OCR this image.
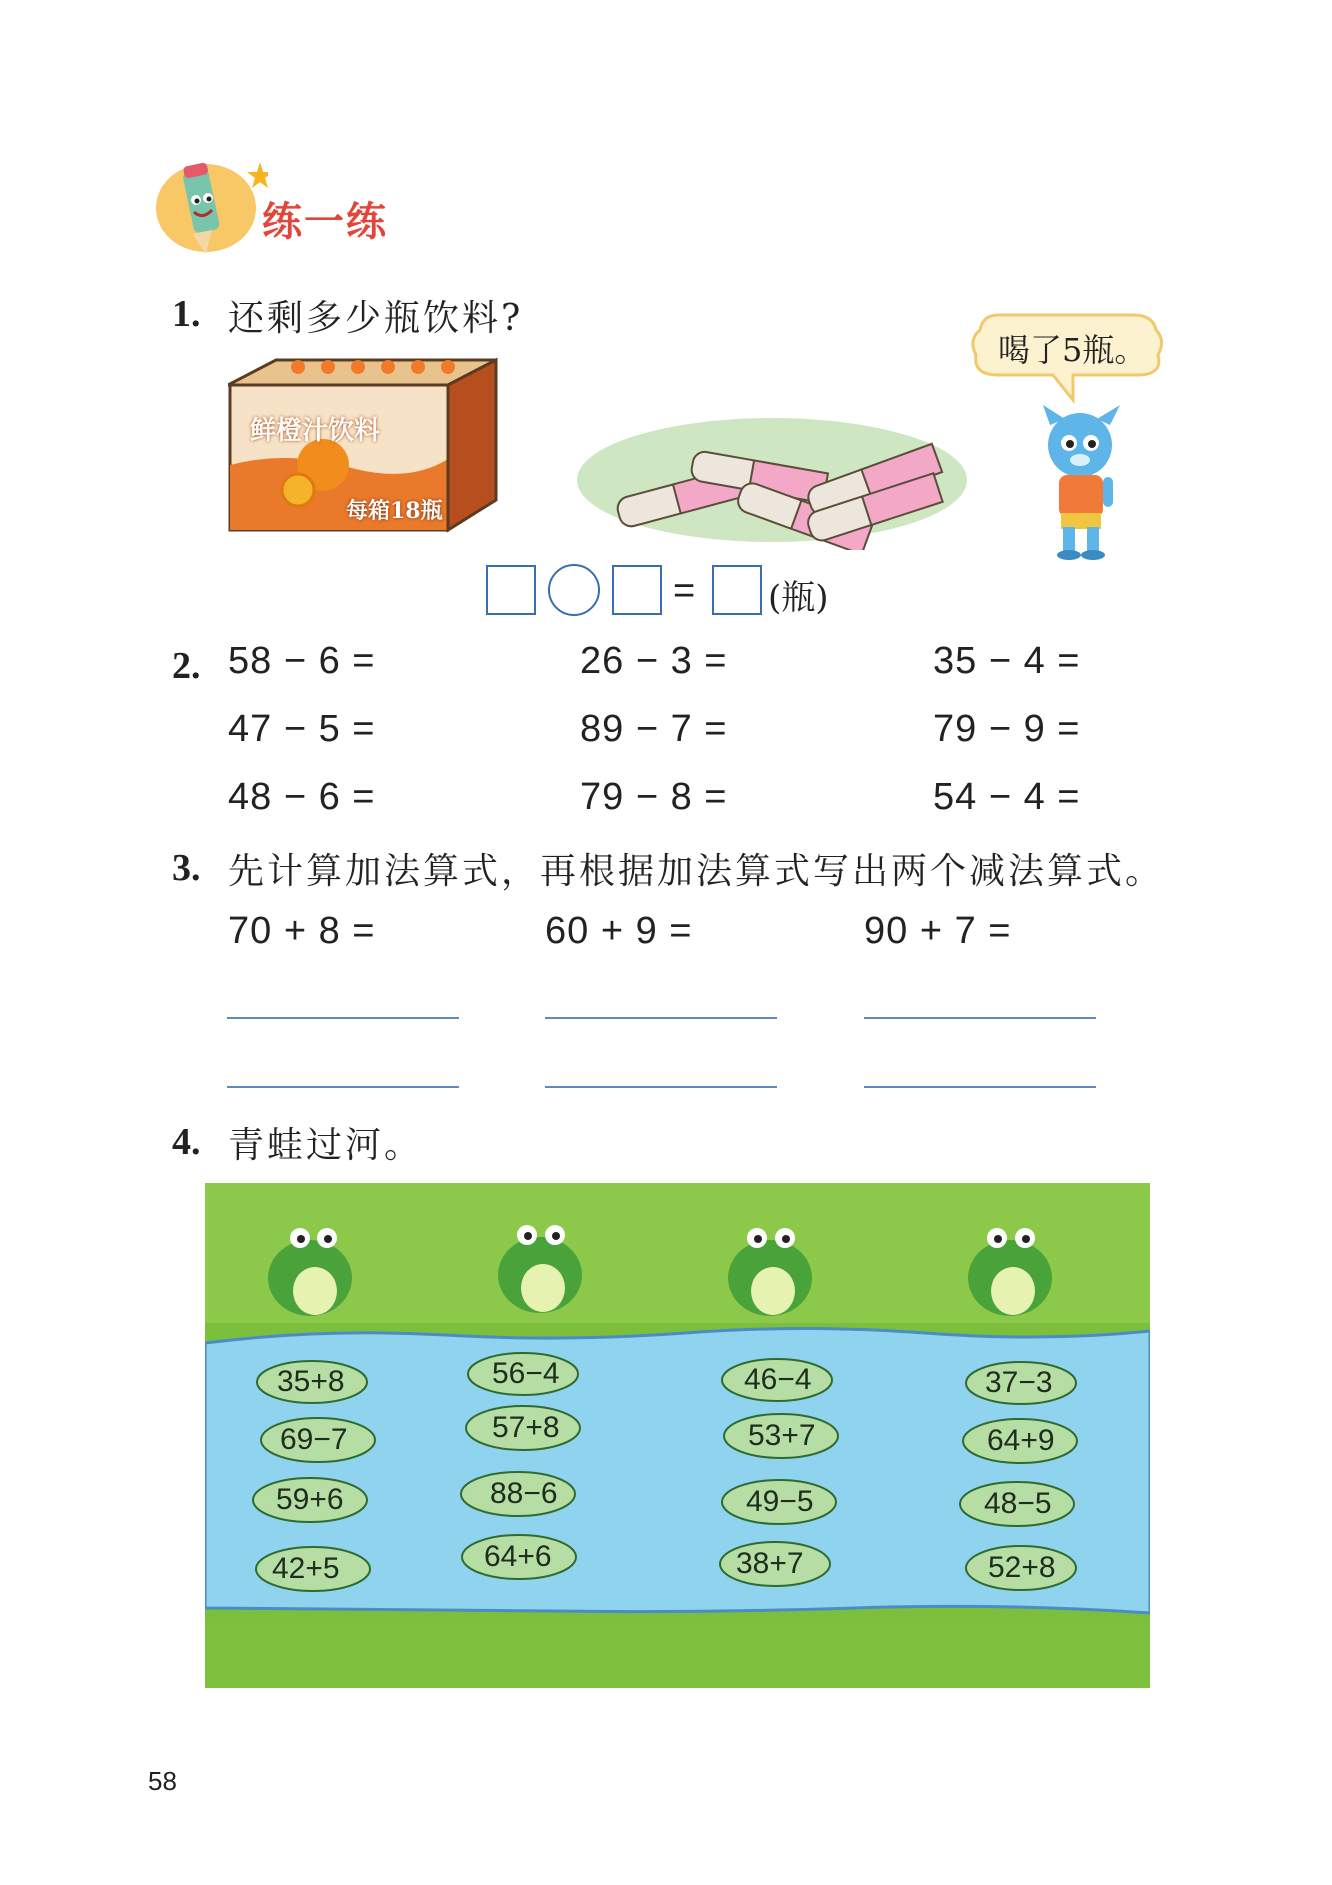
练一练
1. 还剩多少瓶饮料?
鲜橙汁饮料
每箱18瓶
喝了5瓶。
= (瓶)
2. 58 − 6 =	26 − 3 =	35 − 4 =
47 − 5 =	89 − 7 =	79 − 9 =
48 − 6 =	79 − 8 =	54 − 4 =
3. 先计算加法算式，再根据加法算式写出两个减法算式。
70 + 8 =	60 + 9 =	90 + 7 =
4. 青蛙过河。
35+8
69−7
59+6
42+5
56−4
57+8
88−6
64+6
46−4
53+7
49−5
38+7
37−3
64+9
48−5
52+8
58
